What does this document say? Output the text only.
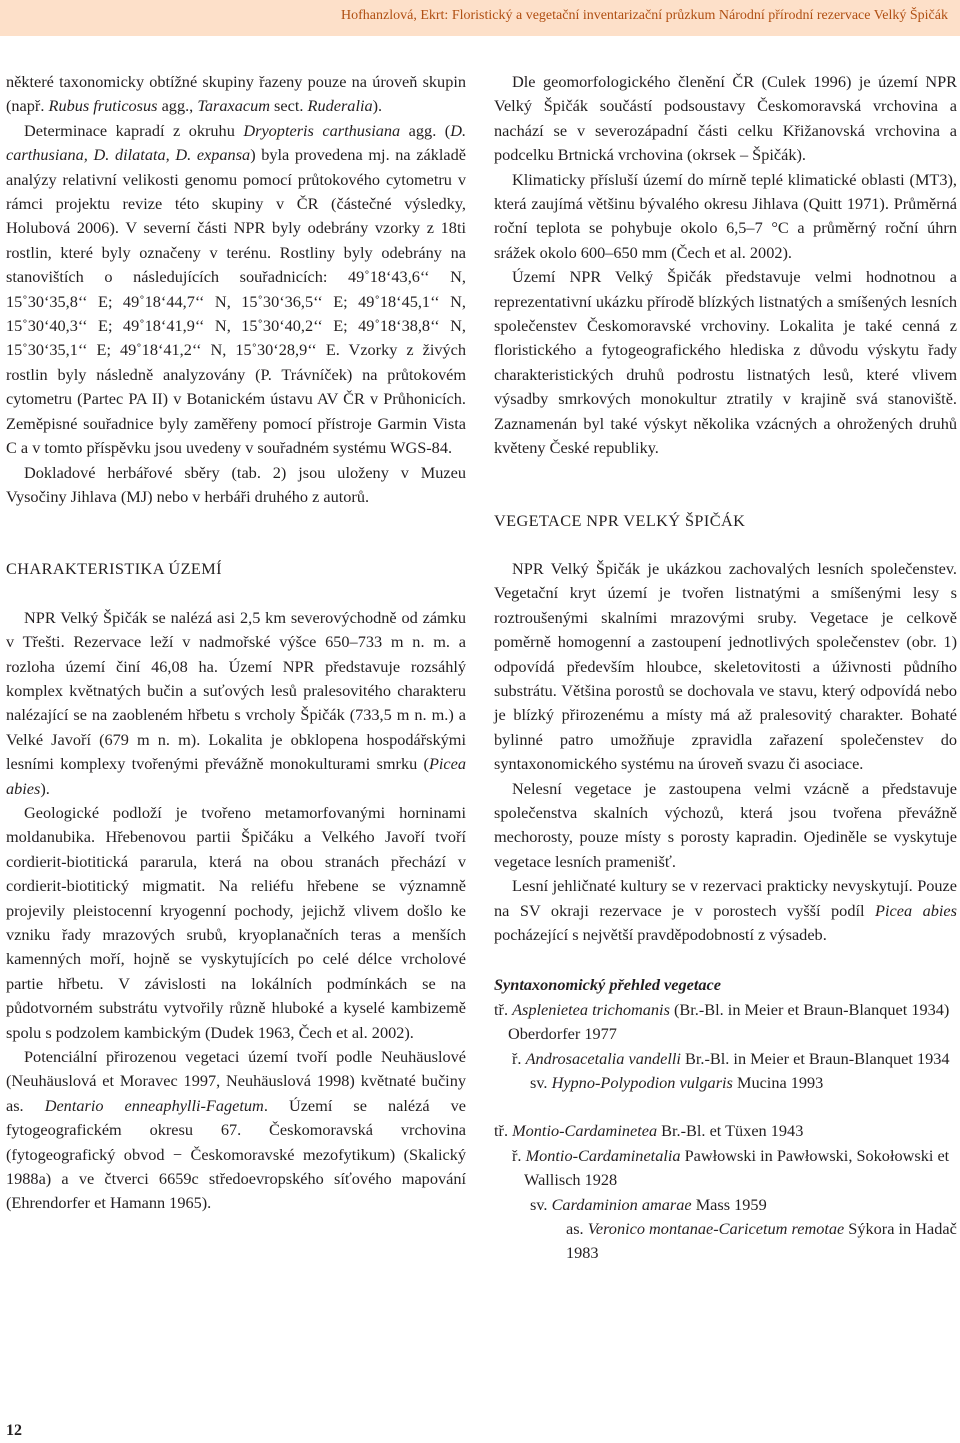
Hofhanzlová, Ekrt: Floristický a vegetační inventarizační průzkum Národní přírodní rezervace Velký Špičák

některé taxonomicky obtížné skupiny řazeny pouze na úroveň skupin (např. Rubus fruticosus agg., Taraxacum sect. Ruderalia).

Determinace kapradí z okruhu Dryopteris carthusiana agg. (D. carthusiana, D. dilatata, D. expansa) byla provedena mj. na základě analýzy relativní velikosti genomu pomocí průtokového cytometru v rámci projektu revize této skupiny v ČR (částečné výsledky, Holubová 2006). V severní části NPR byly odebrány vzorky z 18ti rostlin, které byly označeny v terénu. Rostliny byly odebrány na stanovištích o následujících souřadnicích: 49˚18‘43,6‘‘ N, 15˚30‘35,8‘‘ E; 49˚18‘44,7‘‘ N, 15˚30‘36,5‘‘ E; 49˚18‘45,1‘‘ N, 15˚30‘40,3‘‘ E; 49˚18‘41,9‘‘ N, 15˚30‘40,2‘‘ E; 49˚18‘38,8‘‘ N, 15˚30‘35,1‘‘ E; 49˚18‘41,2‘‘ N, 15˚30‘28,9‘‘ E. Vzorky z živých rostlin byly následně analyzovány (P. Trávníček) na průtokovém cytometru (Partec PA II) v Botanickém ústavu AV ČR v Průhonicích. Zeměpisné souřadnice byly zaměřeny pomocí přístroje Garmin Vista C a v tomto příspěvku jsou uvedeny v souřadném systému WGS-84.

Dokladové herbářové sběry (tab. 2) jsou uloženy v Muzeu Vysočiny Jihlava (MJ) nebo v herbáři druhého z autorů.

CHARAKTERISTIKA ÚZEMÍ

NPR Velký Špičák se nalézá asi 2,5 km severovýchodně od zámku v Třešti. Rezervace leží v nadmořské výšce 650–733 m n. m. a rozloha území činí 46,08 ha. Území NPR představuje rozsáhlý komplex květnatých bučin a suťových lesů pralesovitého charakteru nalézající se na zaobleném hřbetu s vrcholy Špičák (733,5 m n. m.) a Velké Javoří (679 m n. m). Lokalita je obklopena hospodářskými lesními komplexy tvořenými převážně monokulturami smrku (Picea abies).

Geologické podloží je tvořeno metamorfovanými horninami moldanubika. Hřebenovou partii Špičáku a Velkého Javoří tvoří cordierit-biotitická pararula, která na obou stranách přechází v cordierit-biotitický migmatit. Na reliéfu hřebene se významně projevily pleistocenní kryogenní pochody, jejichž vlivem došlo ke vzniku řady mrazových srubů, kryoplanačních teras a menších kamenných moří, hojně se vyskytujících po celé délce vrcholové partie hřbetu. V závislosti na lokálních podmínkách se na půdotvorném substrátu vytvořily různě hluboké a kyselé kambizemě spolu s podzolem kambickým (Dudek 1963, Čech et al. 2002).

Potenciální přirozenou vegetaci území tvoří podle Neuhäuslové (Neuhäuslová et Moravec 1997, Neuhäuslová 1998) květnaté bučiny as. Dentario enneaphylli-Fagetum. Území se nalézá ve fytogeografickém okresu 67. Českomoravská vrchovina (fytogeografický obvod − Českomoravské mezofytikum) (Skalický 1988a) a ve čtverci 6659c středoevropského síťového mapování (Ehrendorfer et Hamann 1965).

Dle geomorfologického členění ČR (Culek 1996) je území NPR Velký Špičák součástí podsoustavy Českomoravská vrchovina a nachází se v severozápadní části celku Křižanovská vrchovina a podcelku Brtnická vrchovina (okrsek – Špičák).

Klimaticky přísluší území do mírně teplé klimatické oblasti (MT3), která zaujímá většinu bývalého okresu Jihlava (Quitt 1971). Průměrná roční teplota se pohybuje okolo 6,5–7 °C a průměrný roční úhrn srážek okolo 600–650 mm (Čech et al. 2002).

Území NPR Velký Špičák představuje velmi hodnotnou a reprezentativní ukázku přírodě blízkých listnatých a smíšených lesních společenstev Českomoravské vrchoviny. Lokalita je také cenná z floristického a fytogeografického hlediska z důvodu výskytu řady charakteristických druhů podrostu listnatých lesů, které vlivem výsadby smrkových monokultur ztratily v krajině svá stanoviště. Zaznamenán byl také výskyt několika vzácných a ohrožených druhů květeny České republiky.

VEGETACE NPR VELKÝ ŠPIČÁK

NPR Velký Špičák je ukázkou zachovalých lesních společenstev. Vegetační kryt území je tvořen listnatými a smíšenými lesy s roztroušenými skalními mrazovými sruby. Vegetace je celkově poměrně homogenní a zastoupení jednotlivých společenstev (obr. 1) odpovídá především hloubce, skeletovitosti a úživnosti půdního substrátu. Většina porostů se dochovala ve stavu, který odpovídá nebo je blízký přirozenému a místy má až pralesovitý charakter. Bohaté bylinné patro umožňuje zpravidla zařazení společenstev do syntaxonomického systému na úroveň svazu či asociace.

Nelesní vegetace je zastoupena velmi vzácně a představuje společenstva skalních výchozů, která jsou tvořena převážně mechorosty, pouze místy s porosty kapradin. Ojediněle se vyskytuje vegetace lesních pramenišť.

Lesní jehličnaté kultury se v rezervaci prakticky nevyskytují. Pouze na SV okraji rezervace je v porostech vyšší podíl Picea abies pocházející s největší pravděpodobností z výsadeb.

Syntaxonomický přehled vegetace

tř. Asplenietea trichomanis (Br.-Bl. in Meier et Braun-Blanquet 1934) Oberdorfer 1977

ř. Androsacetalia vandelli Br.-Bl. in Meier et Braun-Blanquet 1934

sv. Hypno-Polypodion vulgaris Mucina 1993

tř. Montio-Cardaminetea Br.-Bl. et Tüxen 1943

ř. Montio-Cardaminetalia Pawłowski in Pawłowski, Sokołowski et Wallisch 1928

sv. Cardaminion amarae Mass 1959

as. Veronico montanae-Caricetum remotae Sýkora in Hadač 1983

12
